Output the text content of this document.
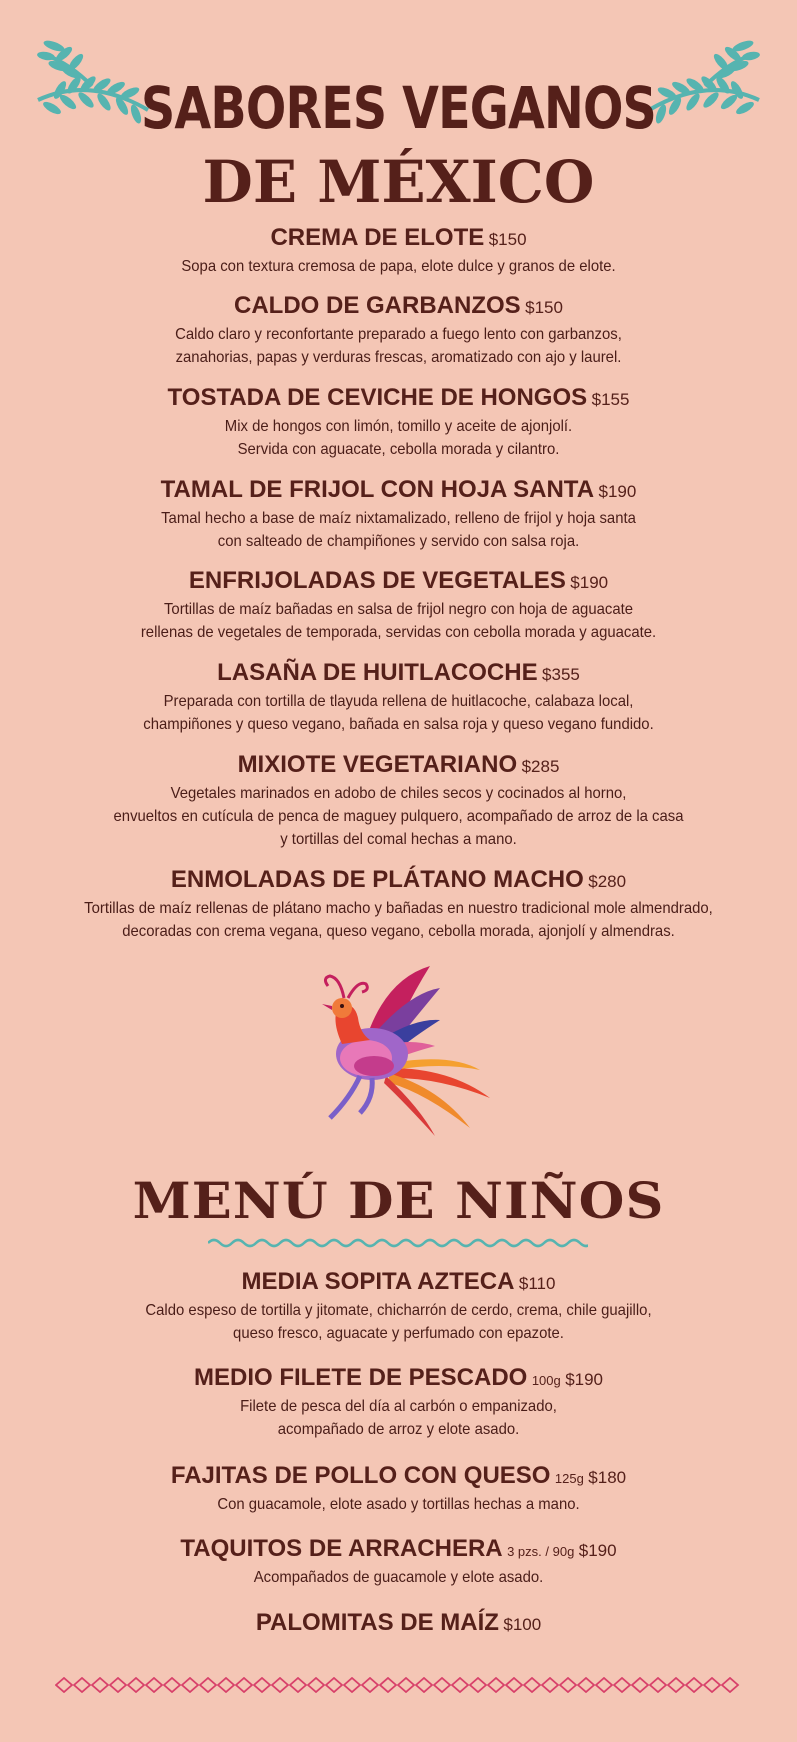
SABORES VEGANOS
DE MÉXICO
CREMA DE ELOTE $150
Sopa con textura cremosa de papa, elote dulce y granos de elote.
CALDO DE GARBANZOS $150
Caldo claro y reconfortante preparado a fuego lento con garbanzos,
zanahorias, papas y verduras frescas, aromatizado con ajo y laurel.
TOSTADA DE CEVICHE DE HONGOS $155
Mix de hongos con limón, tomillo y aceite de ajonjolí.
Servida con aguacate, cebolla morada y cilantro.
TAMAL DE FRIJOL CON HOJA SANTA $190
Tamal hecho a base de maíz nixtamalizado, relleno de frijol y hoja santa
con salteado de champiñones y servido con salsa roja.
ENFRIJOLADAS DE VEGETALES $190
Tortillas de maíz bañadas en salsa de frijol negro con hoja de aguacate
rellenas de vegetales de temporada, servidas con cebolla morada y aguacate.
LASAÑA DE HUITLACOCHE $355
Preparada con tortilla de tlayuda rellena de huitlacoche, calabaza local,
champiñones y queso vegano, bañada en salsa roja y queso vegano fundido.
MIXIOTE VEGETARIANO $285
Vegetales marinados en adobo de chiles secos y cocinados al horno,
envueltos en cutícula de penca de maguey pulquero, acompañado de arroz de la casa
y tortillas del comal hechas a mano.
ENMOLADAS DE PLÁTANO MACHO $280
Tortillas de maíz rellenas de plátano macho y bañadas en nuestro tradicional mole almendrado,
decoradas con crema vegana, queso vegano, cebolla morada, ajonjolí y almendras.
MENÚ DE NIÑOS
MEDIA SOPITA AZTECA $110
Caldo espeso de tortilla y jitomate, chicharrón de cerdo, crema, chile guajillo,
queso fresco, aguacate y perfumado con epazote.
MEDIO FILETE DE PESCADO 100g $190
Filete de pesca del día al carbón o empanizado,
acompañado de arroz y elote asado.
FAJITAS DE POLLO CON QUESO 125g $180
Con guacamole, elote asado y tortillas hechas a mano.
TAQUITOS DE ARRACHERA 3 pzs. / 90g $190
Acompañados de guacamole y elote asado.
PALOMITAS DE MAÍZ $100
